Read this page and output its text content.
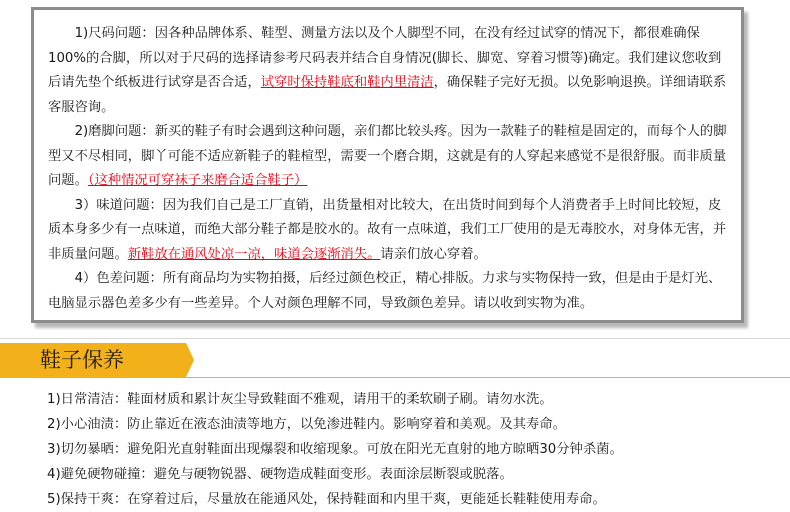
1)尺码问题：因各种品牌体系、鞋型、测量方法以及个人脚型不同，在没有经过试穿的情况下，都很难确保100%的合脚，所以对于尺码的选择请参考尺码表并结合自身情况(脚长、脚宽、穿着习惯等)确定。我们建议您收到后请先垫个纸板进行试穿是否合适，试穿时保持鞋底和鞋内里清洁，确保鞋子完好无损。以免影响退换。详细请联系客服咨询。

2)磨脚问题：新买的鞋子有时会遇到这种问题，亲们都比较头疼。因为一款鞋子的鞋楦是固定的，而每个人的脚型又不尽相同，脚丫可能不适应新鞋子的鞋楦型，需要一个磨合期，这就是有的人穿起来感觉不是很舒服。而非质量问题。（这种情况可穿袜子来磨合适合鞋子）

3）味道问题：因为我们自己是工厂直销，出货量相对比较大，在出货时间到每个人消费者手上时间比较短，皮质本身多少有一点味道，而绝大部分鞋子都是胶水的。故有一点味道，我们工厂使用的是无毒胶水，对身体无害，并非质量问题。新鞋放在通风处凉一凉，味道会逐渐消失。请亲们放心穿着。

4）色差问题：所有商品均为实物拍摄，后经过颜色校正，精心排版。力求与实物保持一致，但是由于是灯光、电脑显示器色差多少有一些差异。个人对颜色理解不同，导致颜色差异。请以收到实物为准。

鞋子保养
1)日常清洁：鞋面材质和累计灰尘导致鞋面不雅观，请用干的柔软刷子刷。请勿水洗。
2)小心油渍：防止靠近在液态油渍等地方，以免渗进鞋内。影响穿着和美观。及其寿命。
3)切勿暴晒：避免阳光直射鞋面出现爆裂和收缩现象。可放在阳光无直射的地方晾晒30分钟杀菌。
4)避免硬物碰撞：避免与硬物锐器、硬物造成鞋面变形。表面涂层断裂或脱落。
5)保持干爽：在穿着过后，尽量放在能通风处，保持鞋面和内里干爽，更能延长鞋鞋使用寿命。
